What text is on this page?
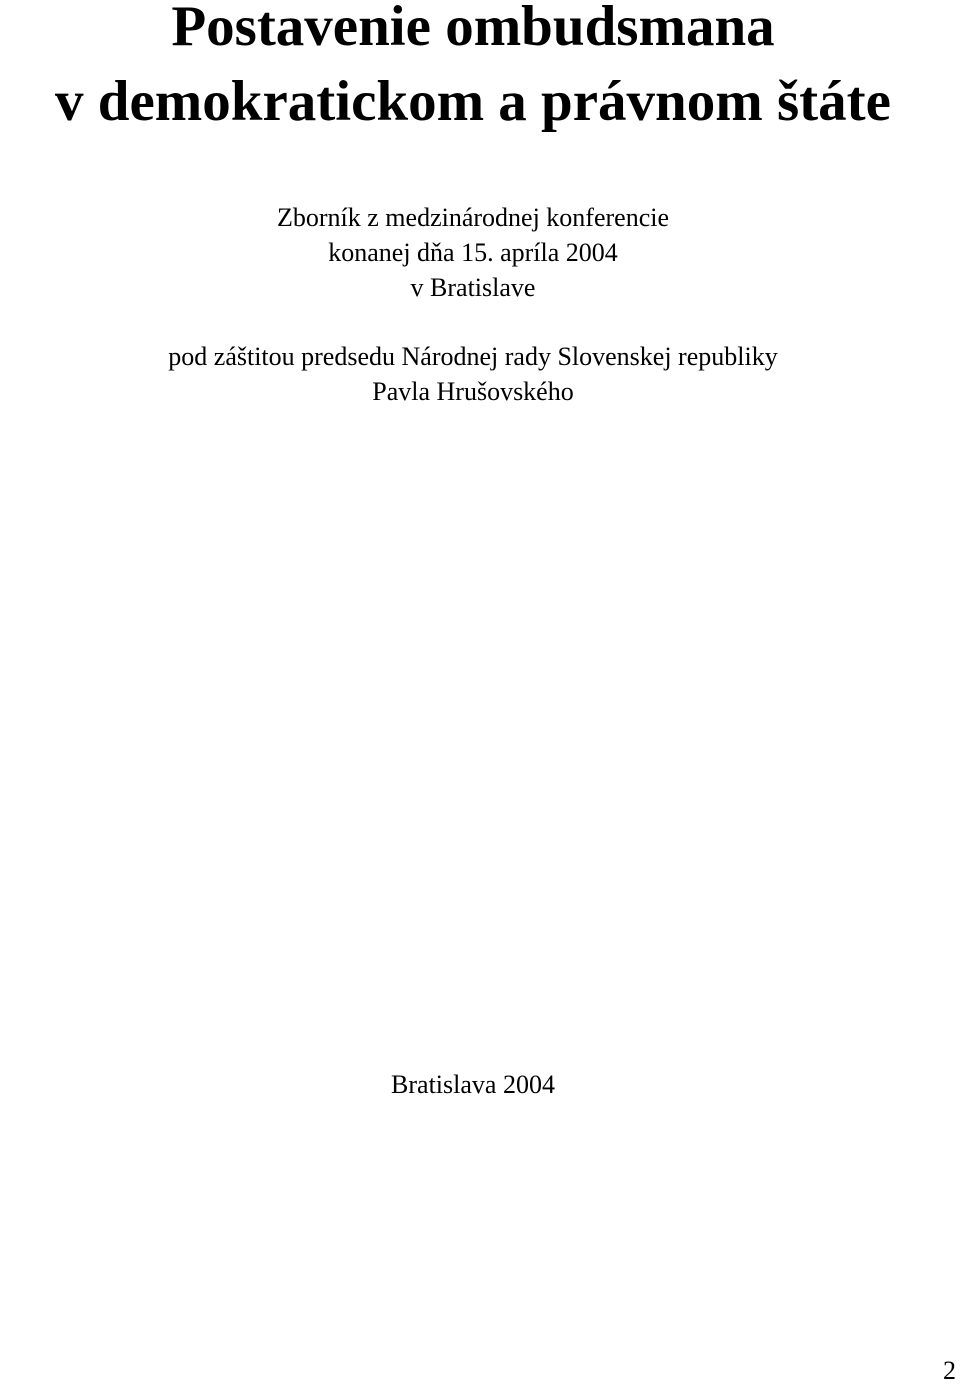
Postavenie ombudsmana
v demokratickom a právnom štáte
Zborník z medzinárodnej konferencie
konanej dňa 15. apríla 2004
v Bratislave
pod záštitou predsedu Národnej rady Slovenskej republiky
Pavla Hrušovského
Bratislava 2004
2
